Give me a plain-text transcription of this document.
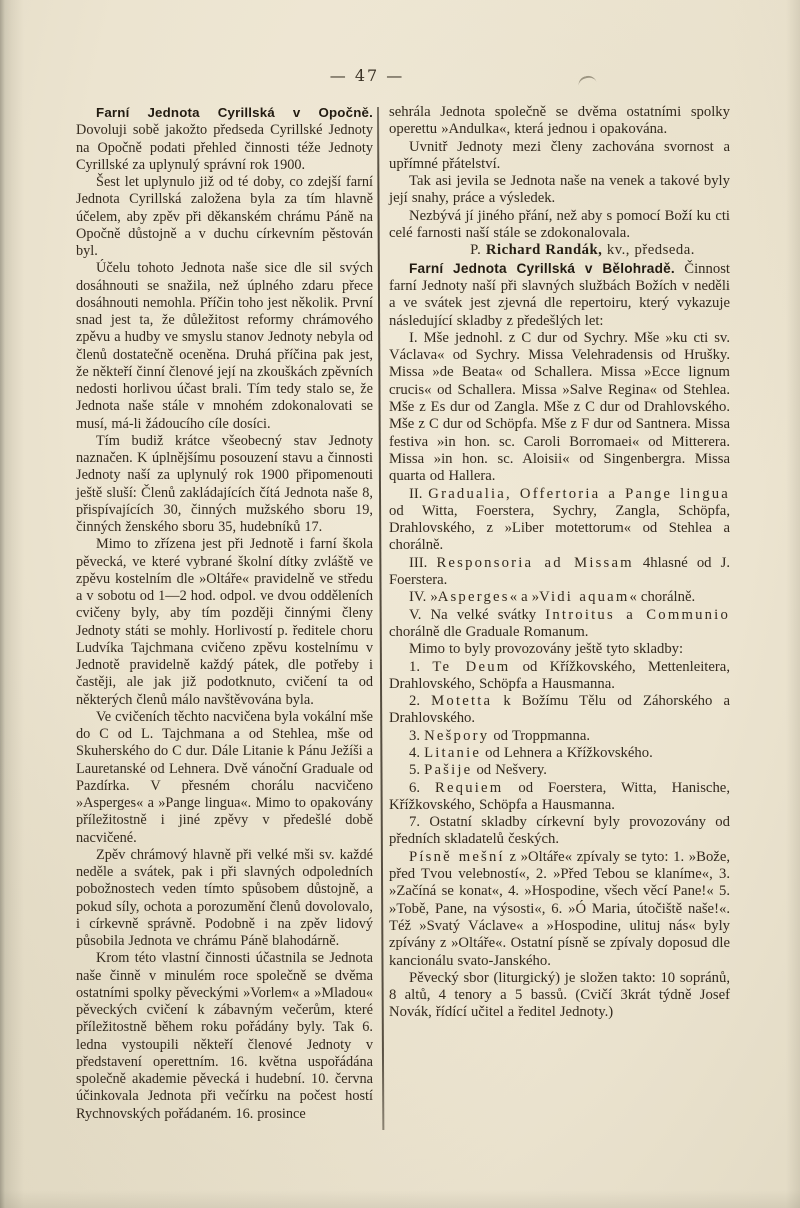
— 47 —

Farní Jednota Cyrillská v Opočně. Dovoluji sobě jakožto předseda Cyrillské Jednoty na Opočně podati přehled činnosti téže Jednoty Cyrillské za uplynulý správní rok 1900.

Šest let uplynulo již od té doby, co zdejší farní Jednota Cyrillská založena byla za tím hlavně účelem, aby zpěv při děkanském chrámu Páně na Opočně důstojně a v duchu církevním pěstován byl.

Účelu tohoto Jednota naše sice dle sil svých dosáhnouti se snažila, než úplného zdaru přece dosáhnouti nemohla. Příčin toho jest několik. První snad jest ta, že důležitost reformy chrámového zpěvu a hudby ve smyslu stanov Jednoty nebyla od členů dostatečně oceněna. Druhá příčina pak jest, že někteří činní členové její na zkouškách zpěvních nedosti horlivou účast brali. Tím tedy stalo se, že Jednota naše stále v mnohém zdokonalovati se musí, má-li žádoucího cíle dosíci.

Tím budiž krátce všeobecný stav Jednoty naznačen. K úplnějšímu posouzení stavu a činnosti Jednoty naší za uplynulý rok 1900 připomenouti ještě sluší: Členů zakládajících čítá Jednota naše 8, přispívajících 30, činných mužského sboru 19, činných ženského sboru 35, hudebníků 17.

Mimo to zřízena jest při Jednotě i farní škola pěvecká, ve které vybrané školní dítky zvláště ve zpěvu kostelním dle »Oltáře« pravidelně ve středu a v sobotu od 1—2 hod. odpol. ve dvou odděleních cvičeny byly, aby tím později činnými členy Jednoty státi se mohly. Horlivostí p. ředitele choru Ludvíka Tajchmana cvičeno zpěvu kostelnímu v Jednotě pravidelně každý pátek, dle potřeby i častěji, ale jak již podotknuto, cvičení ta od některých členů málo navštěvována byla.

Ve cvičeních těchto nacvičena byla vokální mše do C od L. Tajchmana a od Stehlea, mše od Skuherského do C dur. Dále Litanie k Pánu Ježíši a Lauretanské od Lehnera. Dvě vánoční Graduale od Pazdírka. V přesném chorálu nacvičeno »Asperges« a »Pange lingua«. Mimo to opakovány příležitostně i jiné zpěvy v předešlé době nacvičené.

Zpěv chrámový hlavně při velké mši sv. každé neděle a svátek, pak i při slavných odpoledních pobožnostech veden tímto spůsobem důstojně, a pokud síly, ochota a porozumění členů dovolovalo, i církevně správně. Podobně i na zpěv lidový působila Jednota ve chrámu Páně blahodárně.

Krom této vlastní činnosti účastnila se Jednota naše činně v minulém roce společně se dvěma ostatními spolky pěveckými »Vorlem« a »Mladou« pěveckých cvičení k zábavným večerům, které příležitostně během roku pořádány byly. Tak 6. ledna vystoupili někteří členové Jednoty v představení operettním. 16. května uspořádána společně akademie pěvecká i hudební. 10. června účinkovala Jednota při večírku na počest hostí Rychnovských pořádaném. 16. prosince

sehrála Jednota společně se dvěma ostatními spolky operettu »Andulka«, která jednou i opakována.

Uvnitř Jednoty mezi členy zachována svornost a upřímné přátelství.

Tak asi jevila se Jednota naše na venek a takové byly její snahy, práce a výsledek.

Nezbývá jí jiného přání, než aby s pomocí Boží ku cti celé farnosti naší stále se zdokonalovala.

P. Richard Randák, kv., předseda.

Farní Jednota Cyrillská v Bělohradě. Činnost farní Jednoty naší při slavných službách Božích v neděli a ve svátek jest zjevná dle repertoiru, který vykazuje následující skladby z předešlých let:

I. Mše jednohl. z C dur od Sychry. Mše »ku cti sv. Václava« od Sychry. Missa Velehradensis od Hrušky. Missa »de Beata« od Schallera. Missa »Ecce lignum crucis« od Schallera. Missa »Salve Regina« od Stehlea. Mše z Es dur od Zangla. Mše z C dur od Drahlovského. Mše z C dur od Schöpfa. Mše z F dur od Santnera. Missa festiva »in hon. sc. Caroli Borromaei« od Mitterera. Missa »in hon. sc. Aloisii« od Singenbergra. Missa quarta od Hallera.

II. Gradualia, Offertoria a Pange lingua od Witta, Foerstera, Sychry, Zangla, Schöpfa, Drahlovského, z »Liber motettorum« od Stehlea a chorálně.

III. Responsoria ad Missam 4hlasné od J. Foerstera.

IV. »Asperges« a »Vidi aquam« chorálně.

V. Na velké svátky Introitus a Communio chorálně dle Graduale Romanum.

Mimo to byly provozovány ještě tyto skladby:

1. Te Deum od Křížkovského, Mettenleitera, Drahlovského, Schöpfa a Hausmanna.

2. Motetta k Božímu Tělu od Záhorského a Drahlovského.

3. Nešpory od Troppmanna.

4. Litanie od Lehnera a Křížkovského.

5. Pašije od Nešvery.

6. Requiem od Foerstera, Witta, Hanische, Křížkovského, Schöpfa a Hausmanna.

7. Ostatní skladby církevní byly provozovány od předních skladatelů českých.

Písně mešní z »Oltáře« zpívaly se tyto: 1. »Bože, před Tvou velebností«, 2. »Před Tebou se klaníme«, 3. »Začíná se konat«, 4. »Hospodine, všech věcí Pane!« 5. »Tobě, Pane, na výsosti«, 6. »Ó Maria, útočiště naše!«. Též »Svatý Václave« a »Hospodine, ulituj nás« byly zpívány z »Oltáře«. Ostatní písně se zpívaly doposud dle kancionálu svato-Janského.

Pěvecký sbor (liturgický) je složen takto: 10 sopránů, 8 altů, 4 tenory a 5 bassů. (Cvičí 3krát týdně Josef Novák, řídící učitel a ředitel Jednoty.)
